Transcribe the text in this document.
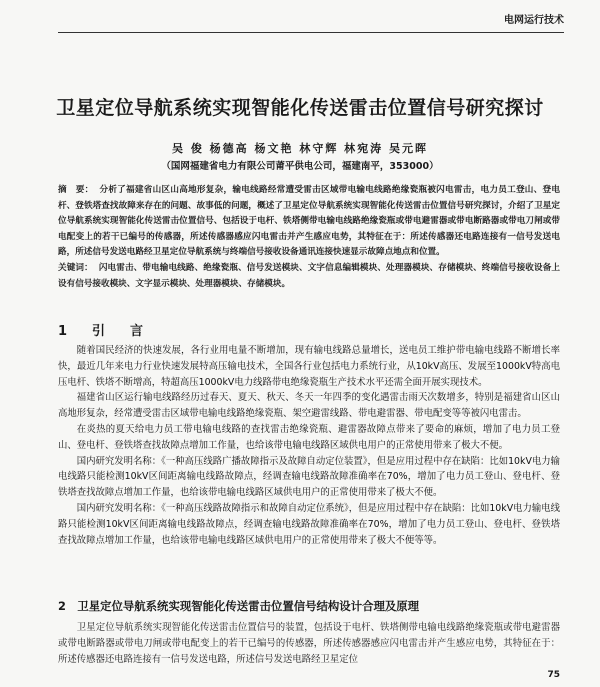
电网运行技术
卫星定位导航系统实现智能化传送雷击位置信号研究探讨
吴 俊 杨德高 杨文艳 林守辉 林宛涛 吴元晖
（国网福建省电力有限公司莆平供电公司，福建南平，353000）
摘　要： 分析了福建省山区山高地形复杂，输电线路经常遭受雷击区域带电输电线路绝缘瓷瓶被闪电雷击，电力员工登山、登电杆、登铁塔查找故障来存在的问题、故事低的问题，概述了卫星定位导航系统实现智能化传送雷击位置信号研究探讨，介绍了卫星定位导航系统实现智能化传送雷击位置信号、包括设于电杆、铁塔侧带电输电线路绝缘瓷瓶或带电避雷器或带电断路器或带电刀闸或带电配变上的若干已编号的传感器，所述传感器感应闪电雷击并产生感应电势，其特征在于：所述传感器还电路连接有一信号发送电路，所述信号发送电路经卫星定位导航系统与终端信号接收设备通讯连接快速显示故障点地点和位置。
关键词： 闪电雷击、带电输电线路、绝缘瓷瓶、信号发送模块、文字信息编辑模块、处理器模块、存储模块、终端信号接收设备上设有信号接收模块、文字显示模块、处理器模块、存储模块。
1　引　言

随着国民经济的快速发展，各行业用电量不断增加，现有输电线路总量增长，送电员工维护带电输电线路不断增长率快，最近几年来电力行业快速发展特高压输电技术，全国各行业包括电力系统行业，从10kV高压、发展至1000kV特高电压电杆、铁塔不断增高，特超高压1000kV电力线路带电绝缘瓷瓶生产技术水平还需全面开展实现技术。

福建省山区运行输电线路经历过春天、夏天、秋天、冬天一年四季的变化遇雷击雨天次数增多，特别是福建省山区山高地形复杂，经常遭受雷击区域带电输电线路绝缘瓷瓶、架空避雷线路、带电避雷器、带电配变等等被闪电雷击。

在炎热的夏天给电力员工带电输电线路的查找雷击绝缘瓷瓶、避雷器故障点带来了要命的麻烦，增加了电力员工登山、登电杆、登铁塔查找故障点增加工作量，也给该带电输电线路区域供电用户的正常使用带来了极大不便。

国内研究发明名称：《一种高压线路广播故障指示及故障自动定位装置》，但是应用过程中存在缺陷：比如10kV电力输电线路只能检测10kV区间距离输电线路故障点，经调查输电线路故障准确率在70%，增加了电力员工登山、登电杆、登铁塔查找故障点增加工作量，也给该带电输电线路区域供电用户的正常使用带来了极大不便。

国内研究发明名称：《一种高压线路故障指示和故障自动定位系统》，但是应用过程中存在缺陷：比如10kV电力输电线路只能检测10kV区间距离输电线路故障点，经调查输电线路故障准确率在70%，增加了电力员工登山、登电杆、登铁塔查找故障点增加工作量，也给该带电输电线路区域供电用户的正常使用带来了极大不便等等。

2　卫星定位导航系统实现智能化传送雷击位置信号结构设计合理及原理

卫星定位导航系统实现智能化传送雷击位置信号的装置，包括设于电杆、铁塔侧带电输电线路绝缘瓷瓶或带电避雷器或带电断路器或带电刀闸或带电配变上的若干已编号的传感器，所述传感器感应闪电雷击并产生感应电势，其特征在于：所述传感器还电路连接有一信号发送电路，所述信号发送电路经卫星定位

75
